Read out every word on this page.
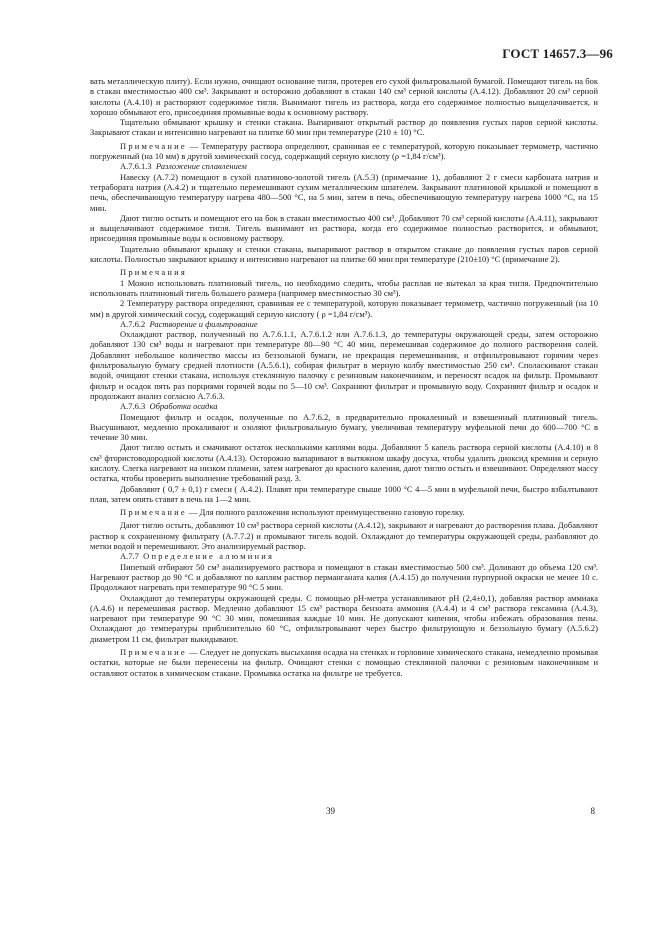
ГОСТ 14657.3—96

вать металлическую плиту). Если нужно, очищают основание тигля, протерев его сухой фильтровальной бумагой. Помещают тигель на бок в стакан вместимостью 400 см³. Закрывают и осторожно добавляют в стакан 140 см³ серной кислоты (А.4.12). Добавляют 20 см³ серной кислоты (А.4.10) и растворяют содержимое тигля. Вынимают тигель из раствора, когда его содержимое полностью выщелачивается, и хорошо обмывают его, присоединяя промывные воды к основному раствору.

Тщательно обмывают крышку и стенки стакана. Выпаривают открытый раствор до появления густых паров серной кислоты. Закрывают стакан и интенсивно нагревают на плитке 60 мин при температуре (210 ± 10) °С.

Примечание — Температуру раствора определяют, сравнивая ее с температурой, которую показывает термометр, частично погруженный (на 10 мм) в другой химический сосуд, содержащий серную кислоту (ρ =1,84 г/см³).

А.7.6.1.3 Разложение сплавлением

Навеску (А.7.2) помещают в сухой платиново-золотой тигель (А.5.3) (примечание 1), добавляют 2 г смеси карбоната натрия и тетрабората натрия (А.4.2) и тщательно перемешивают сухим металлическим шпателем. Закрывают платиновой крышкой и помещают в печь, обеспечивающую температуру нагрева 480—500 °С, на 5 мин, затем в печь, обеспечивающую температуру нагрева 1000 °С, на 15 мин.

Дают тиглю остыть и помещают его на бок в стакан вместимостью 400 см³. Добавляют 70 см³ серной кислоты (А.4.11), закрывают и выщелачивают содержимое тигля. Тигель вынимают из раствора, когда его содержимое полностью растворится, и обмывают, присоединяя промывные воды к основному раствору.

Тщательно обмывают крышку и стенки стакана, выпаривают раствор в открытом стакане до появления густых паров серной кислоты. Полностью закрывают крышку и интенсивно нагревают на плитке 60 мин при температуре (210±10) °С (примечание 2).

Примечания

1 Можно использовать платиновый тигель, но необходимо следить, чтобы расплав не вытекал за края тигля. Предпочтительно использовать платиновый тигель большего размера (например вместимостью 30 см³).

2 Температуру раствора определяют, сравнивая ее с температурой, которую показывает термометр, частично погруженный (на 10 мм) в другой химический сосуд, содержащий серную кислоту ( ρ =1,84 г/см³).

А.7.6.2 Растворение и фильтрование

Охлаждают раствор, полученный по А.7.6.1.1, А.7.6.1.2 или А.7.6.1.3, до температуры окружающей среды, затем осторожно добавляют 130 см³ воды и нагревают при температуре 80—90 °С 40 мин, перемешивая содержимое до полного растворения солей. Добавляют небольшое количество массы из беззольной бумаги, не прекращая перемешивания, и отфильтровывают горячим через фильтровальную бумагу средней плотности (А.5.6.1), собирая фильтрат в мерную колбу вместимостью 250 см³. Споласкивают стакан водой, очищают стенки стакана, используя стеклянную палочку с резиновым наконечником, и переносят осадок на фильтр. Промывают фильтр и осадок пять раз порциями горячей воды по 5—10 см³. Сохраняют фильтрат и промывную воду. Сохраняют фильтр и осадок и продолжают анализ согласно А.7.6.3.

А.7.6.3 Обработка осадка

Помещают фильтр и осадок, полученные по А.7.6.2, в предварительно прокаленный и взвешенный платиновый тигель. Высушивают, медленно прокаливают и озоляют фильтровальную бумагу, увеличивая температуру муфельной печи до 600—700 °С в течение 30 мин.

Дают тиглю остыть и смачивают остаток несколькими каплями воды. Добавляют 5 капель раствора серной кислоты (А.4.10) и 8 см³ фтористоводородной кислоты (А.4.13). Осторожно выпаривают в вытяжном шкафу досуха, чтобы удалить диоксид кремния и серную кислоту. Слегка нагревают на низком пламени, затем нагревают до красного каления, дают тиглю остыть и взвешивают. Определяют массу остатка, чтобы проверить выполнение требований разд. 3.

Добавляют ( 0,7 ± 0,1) г смеси ( А.4.2). Плавят при температуре свыше 1000 °С 4—5 мин в муфельной печи, быстро взбалтывают плав, затем опять ставят в печь на 1—2 мин.

Примечание — Для полного разложения используют преимущественно газовую горелку.

Дают тиглю остыть, добавляют 10 см³ раствора серной кислоты (А.4.12), закрывают и нагревают до растворения плава. Добавляют раствор к сохраненному фильтрату (А.7.7.2) и промывают тигель водой. Охлаждают до температуры окружающей среды, разбавляют до метки водой и перемешивают. Это анализируемый раствор.

А.7.7 Определение алюминия

Пипеткой отбирают 50 см³ анализируемого раствора и помещают в стакан вместимостью 500 см³. Доливают до объема 120 см³. Нагревают раствор до 90 °С и добавляют по каплям раствор перманганата калия (А.4.15) до получения пурпурной окраски не менее 10 с. Продолжают нагревать при температуре 90 °С 5 мин.

Охлаждают до температуры окружающей среды. С помощью рН-метра устанавливают рН (2,4±0,1), добавляя раствор аммиака (А.4.6) и перемешивая раствор. Медленно добавляют 15 см³ раствора бензоата аммония (А.4.4) и 4 см³ раствора гексамина (А.4.3), нагревают при температуре 90 °С 30 мин, помешивая каждые 10 мин. Не допускают кипения, чтобы избежать образования пены. Охлаждают до температуры приблизительно 60 °С, отфильтровывают через быстро фильтрующую и беззольную бумагу (А.5.6.2) диаметром 11 см, фильтрат выкидывают.

Примечание — Следует не допускать высыхания осадка на стенках и горловине химического стакана, немедленно промывая остатки, которые не были перенесены на фильтр. Очищают стенки с помощью стеклянной палочки с резиновым наконечником и оставляют остаток в химическом стакане. Промывка остатка на фильтре не требуется.

39	8
